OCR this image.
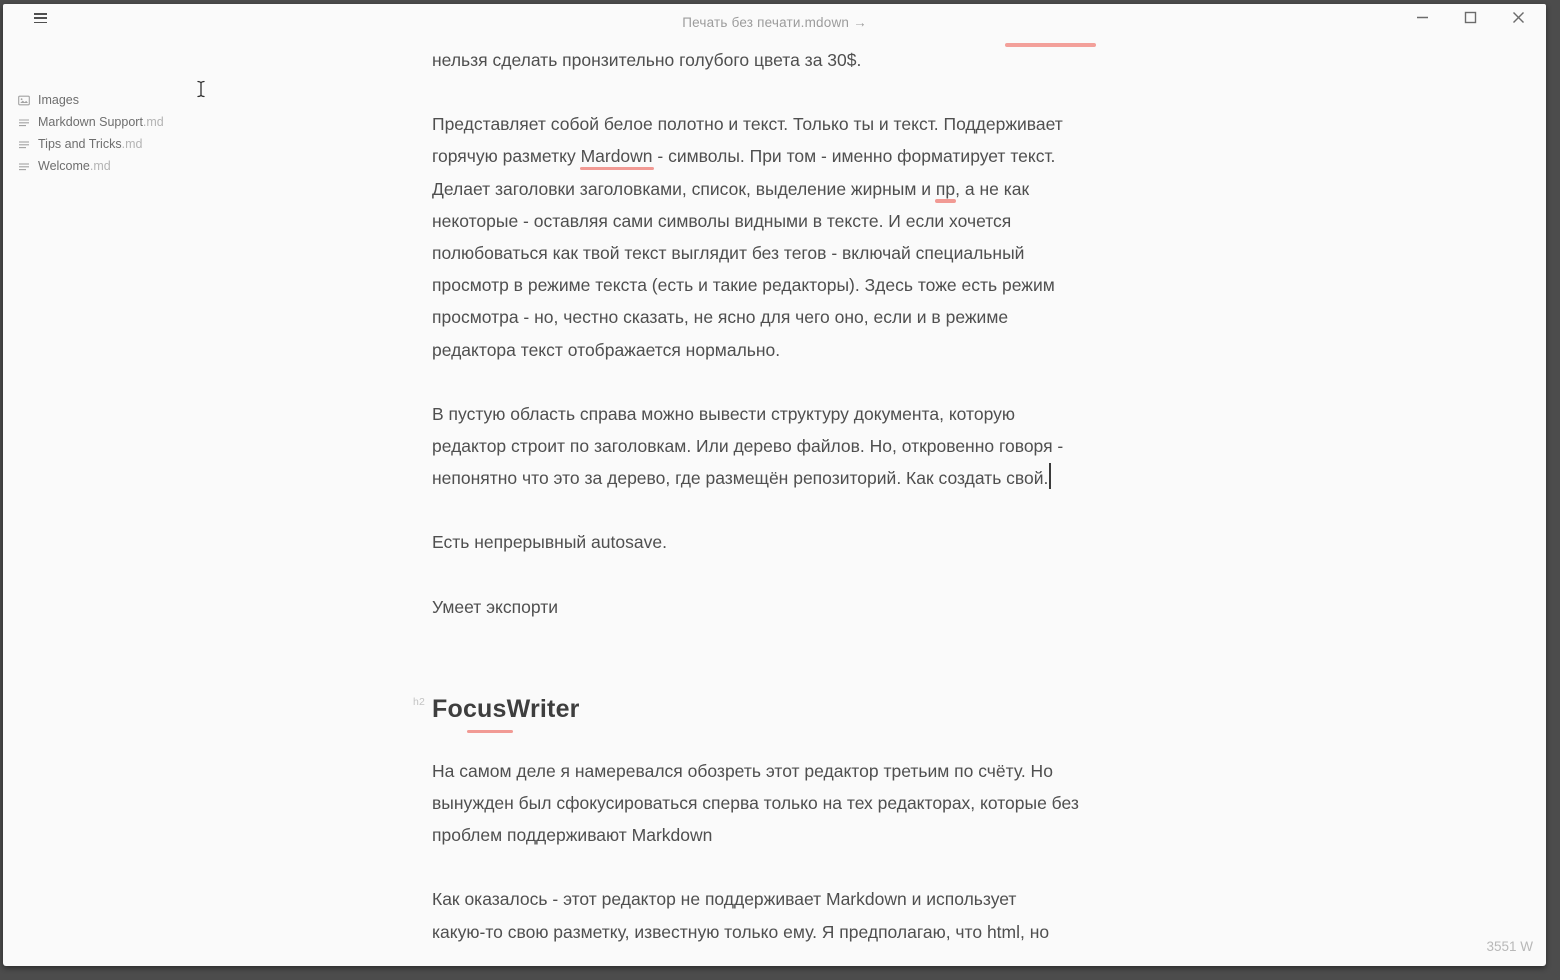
Печать без печати.mdown →
Images
Markdown Support .md
Tips and Tricks .md
Welcome .md

нельзя сделать пронзительно голубого цвета за 30$.

Представляет собой белое полотно и текст. Только ты и текст. Поддерживает
горячую разметку Mardown - символы. При том - именно форматирует текст.
Делает заголовки заголовками, список, выделение жирным и пр, а не как
некоторые - оставляя сами символы видными в тексте. И если хочется
полюбоваться как твой текст выглядит без тегов - включай специальный
просмотр в режиме текста (есть и такие редакторы). Здесь тоже есть режим
просмотра - но, честно сказать, не ясно для чего оно, если и в режиме
редактора текст отображается нормально.

В пустую область справа можно вывести структуру документа, которую
редактор строит по заголовкам. Или дерево файлов. Но, откровенно говоря -
непонятно что это за дерево, где размещён репозиторий. Как создать свой.

Есть непрерывный autosave.

Умеет экспорти

h2 FocusWriter

На самом деле я намеревался обозреть этот редактор третьим по счёту. Но
вынужден был сфокусироваться сперва только на тех редакторах, которые без
проблем поддерживают Markdown

Как оказалось - этот редактор не поддерживает Markdown и использует
какую-то свою разметку, известную только ему. Я предполагаю, что html, но

3551 W
